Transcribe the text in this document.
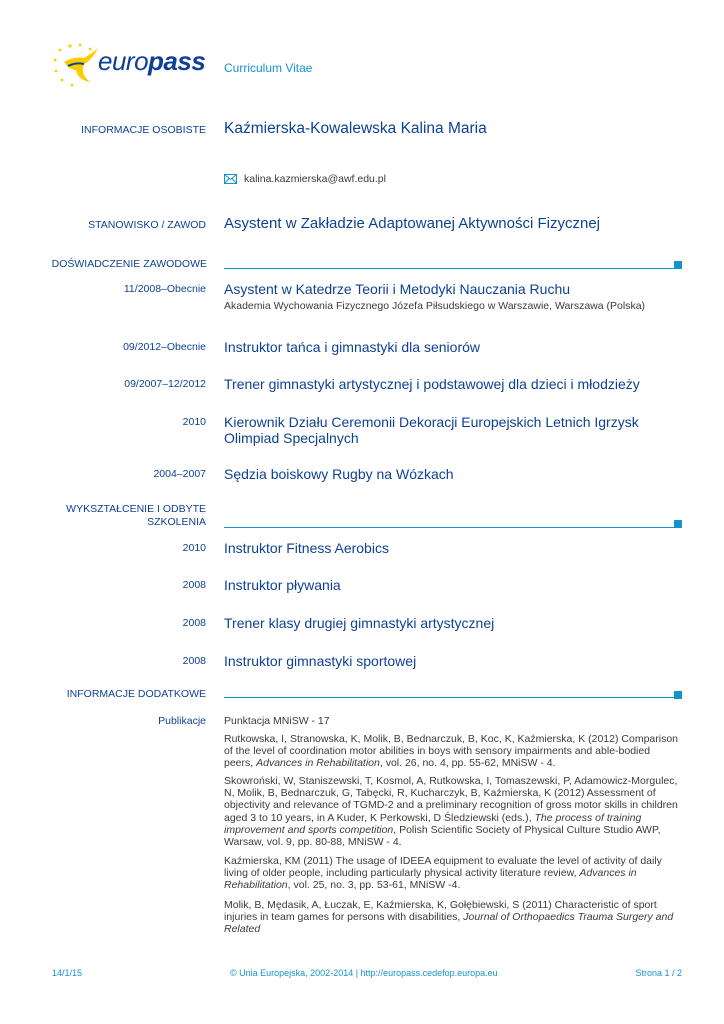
europass Curriculum Vitae
INFORMACJE OSOBISTE Kaźmierska-Kowalewska Kalina Maria
kalina.kazmierska@awf.edu.pl
STANOWISKO / ZAWOD Asystent w Zakładzie Adaptowanej Aktywności Fizycznej
DOŚWIADCZENIE ZAWODOWE
11/2008–Obecnie Asystent w Katedrze Teorii i Metodyki Nauczania Ruchu
Akademia Wychowania Fizycznego Józefa Piłsudskiego w Warszawie, Warszawa (Polska)
09/2012–Obecnie Instruktor tańca i gimnastyki dla seniorów
09/2007–12/2012 Trener gimnastyki artystycznej i podstawowej dla dzieci i młodzieży
2010 Kierownik Działu Ceremonii Dekoracji Europejskich Letnich Igrzysk Olimpiad Specjalnych
2004–2007 Sędzia boiskowy Rugby na Wózkach
WYKSZTAŁCENIE I ODBYTE
SZKOLENIA
2010 Instruktor Fitness Aerobics
2008 Instruktor pływania
2008 Trener klasy drugiej gimnastyki artystycznej
2008 Instruktor gimnastyki sportowej
INFORMACJE DODATKOWE
Publikacje Punktacja MNiSW - 17
Rutkowska, I, Stranowska, K, Molik, B, Bednarczuk, B, Koc, K, Kaźmierska, K (2012) Comparison of the level of coordination motor abilities in boys with sensory impairments and able-bodied peers, Advances in Rehabilitation, vol. 26, no. 4, pp. 55-62, MNiSW - 4.
Skowroński, W, Staniszewski, T, Kosmol, A, Rutkowska, I, Tomaszewski, P, Adamowicz-Morgulec, N, Molik, B, Bednarczuk, G, Tabęcki, R, Kucharczyk, B, Kaźmierska, K (2012) Assessment of objectivity and relevance of TGMD-2 and a preliminary recognition of gross motor skills in children aged 3 to 10 years, in A Kuder, K Perkowski, D Śledziewski (eds.), The process of training improvement and sports competition, Polish Scientific Society of Physical Culture Studio AWP, Warsaw, vol. 9, pp. 80-88, MNiSW - 4.
Kaźmierska, KM (2011) The usage of IDEEA equipment to evaluate the level of activity of daily living of older people, including particularly physical activity literature review, Advances in Rehabilitation, vol. 25, no. 3, pp. 53-61, MNiSW -4.
Molik, B, Mędasik, A, Łuczak, E, Kaźmierska, K, Gołębiewski, S (2011) Characteristic of sport injuries in team games for persons with disabilities, Journal of Orthopaedics Trauma Surgery and Related
14/1/15	© Unia Europejska, 2002-2014 | http://europass.cedefop.europa.eu	Strona 1 / 2
